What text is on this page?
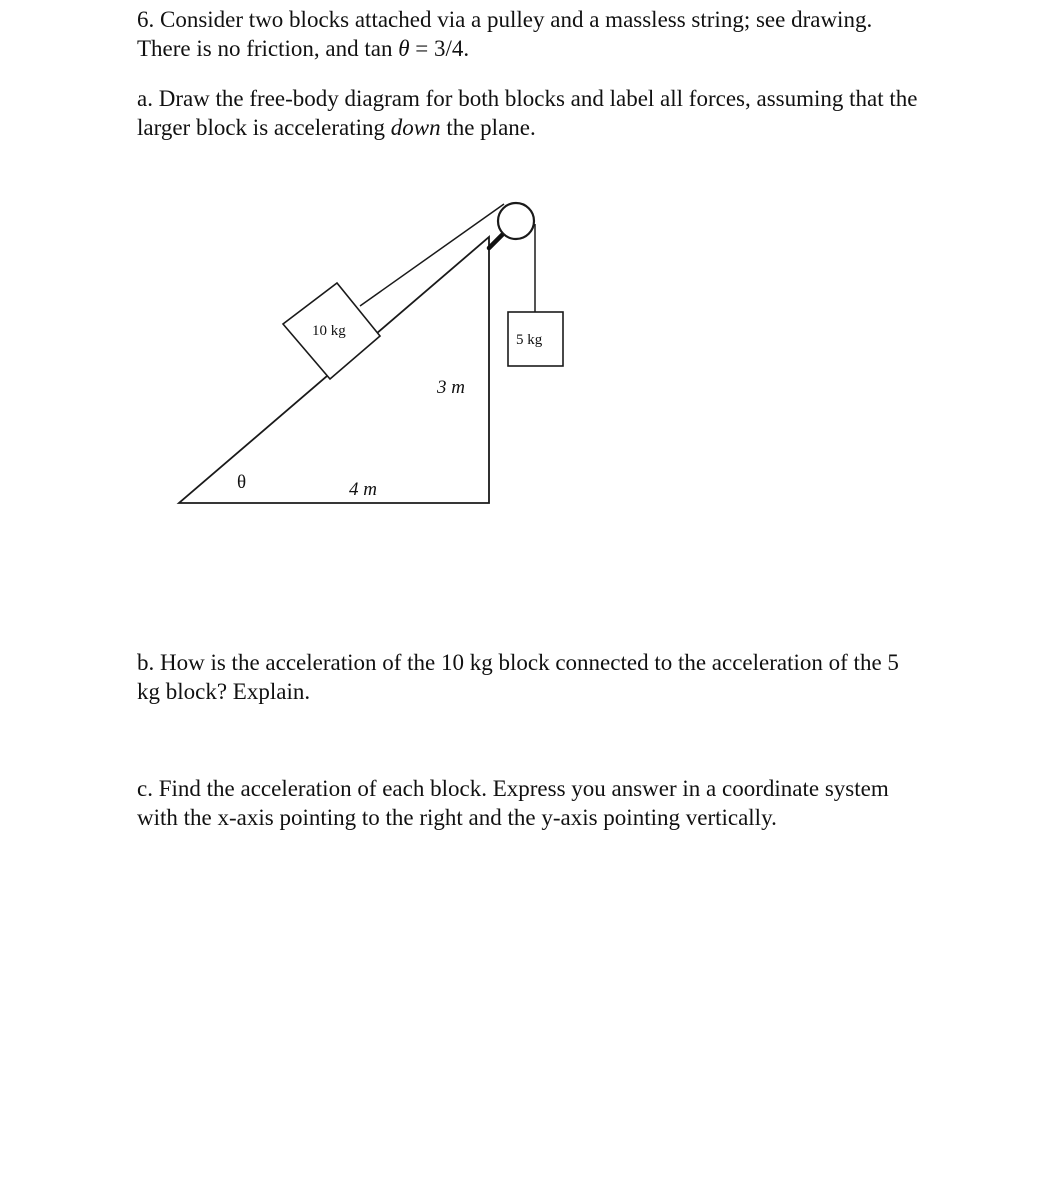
6. Consider two blocks attached via a pulley and a massless string; see drawing.
There is no friction, and tan θ = 3/4.

a. Draw the free-body diagram for both blocks and label all forces, assuming that the
larger block is accelerating down the plane.

10 kg
5 kg
3 m
4 m
θ

b. How is the acceleration of the 10 kg block connected to the acceleration of the 5
kg block? Explain.

c. Find the acceleration of each block. Express you answer in a coordinate system
with the x-axis pointing to the right and the y-axis pointing vertically.
